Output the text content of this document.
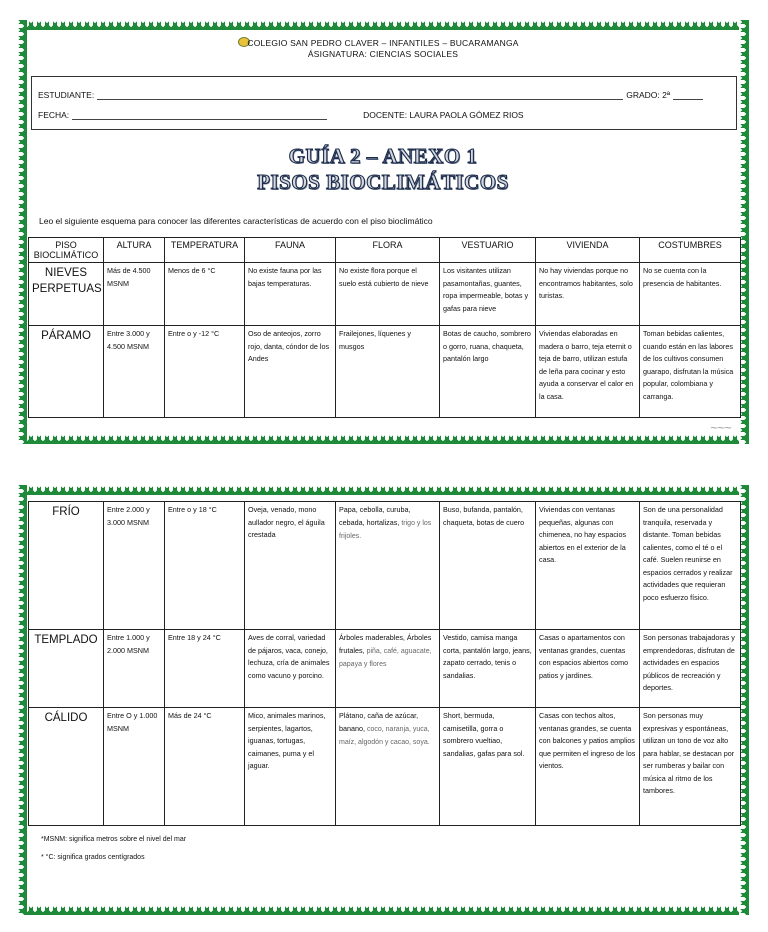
COLEGIO SAN PEDRO CLAVER – INFANTILES – BUCARAMANGA
ÁSIGNATURA: CIENCIAS SOCIALES
ESTUDIANTE:	GRADO: 2ª
FECHA:	DOCENTE: LAURA PAOLA GÓMEZ RIOS
GUÍA 2 – ANEXO 1
PISOS BIOCLIMÁTICOS
Leo el siguiente esquema para conocer las diferentes características de acuerdo con el piso bioclimático
PISO BIOCLIMÁTICO	ALTURA	TEMPERATURA	FAUNA	FLORA	VESTUARIO	VIVIENDA	COSTUMBRES
NIEVES PERPETUAS	Más de 4.500 MSNM	Menos de 6 °C	No existe fauna por las bajas temperaturas.	No existe flora porque el suelo está cubierto de nieve	Los visitantes utilizan pasamontañas, guantes, ropa impermeable, botas y gafas para nieve	No hay viviendas porque no encontramos habitantes, solo turistas.	No se cuenta con la presencia de habitantes.
PÁRAMO	Entre 3.000 y 4.500 MSNM	Entre o y -12 °C	Oso de anteojos, zorro rojo, danta, cóndor de los Andes	Frailejones, líquenes y musgos	Botas de caucho, sombrero o gorro, ruana, chaqueta, pantalón largo	Viviendas elaboradas en madera o barro, teja eternit o teja de barro, utilizan estufa de leña para cocinar y esto ayuda a conservar el calor en la casa.	Toman bebidas calientes, cuando están en las labores de los cultivos consumen guarapo, disfrutan la música popular, colombiana y carranga.
⁓⁓⁓
FRÍO	Entre 2.000 y 3.000 MSNM	Entre o y 18 °C	Oveja, venado, mono aullador negro, el águila crestada	Papa, cebolla, curuba, cebada, hortalizas, trigo y los frijoles.	Buso, bufanda, pantalón, chaqueta, botas de cuero	Viviendas con ventanas pequeñas, algunas con chimenea, no hay espacios abiertos en el exterior de la casa.	Son de una personalidad tranquila, reservada y distante. Toman bebidas calientes, como el té o el café. Suelen reunirse en espacios cerrados y realizar actividades que requieran poco esfuerzo físico.
TEMPLADO	Entre 1.000 y 2.000 MSNM	Entre 18 y 24 °C	Aves de corral, variedad de pájaros, vaca, conejo, lechuza, cría de animales como vacuno y porcino.	Árboles maderables, Árboles frutales, piña, café, aguacate, papaya y flores	Vestido, camisa manga corta, pantalón largo, jeans, zapato cerrado, tenis o sandalias.	Casas o apartamentos con ventanas grandes, cuentas con espacios abiertos como patios y jardines.	Son personas trabajadoras y emprendedoras, disfrutan de actividades en espacios públicos de recreación y deportes.
CÁLIDO	Entre O y 1.000 MSNM	Más de 24 °C	Mico, animales marinos, serpientes, lagartos, iguanas, tortugas, caimanes, puma y el jaguar.	Plátano, caña de azúcar, banano, coco, naranja, yuca, maíz, algodón y cacao, soya.	Short, bermuda, camisetilla, gorra o sombrero vueltiao, sandalias, gafas para sol.	Casas con techos altos, ventanas grandes, se cuenta con balcones y patios amplios que permiten el ingreso de los vientos.	Son personas muy expresivas y espontáneas, utilizan un tono de voz alto para hablar, se destacan por ser rumberas y bailar con música al ritmo de los tambores.
*MSNM: significa metros sobre el nivel del mar
* °C: significa grados centígrados
